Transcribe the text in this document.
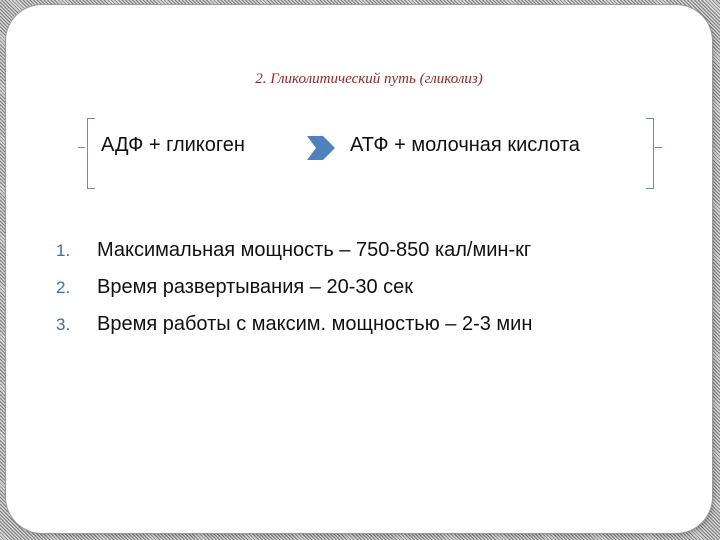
2. Гликолитический путь (гликолиз)
АДФ + гликоген	АТФ + молочная кислота
1.	Максимальная мощность – 750-850 кал/мин-кг
2.	Время развертывания – 20-30 сек
3.	Время работы с максим. мощностью – 2-3 мин
